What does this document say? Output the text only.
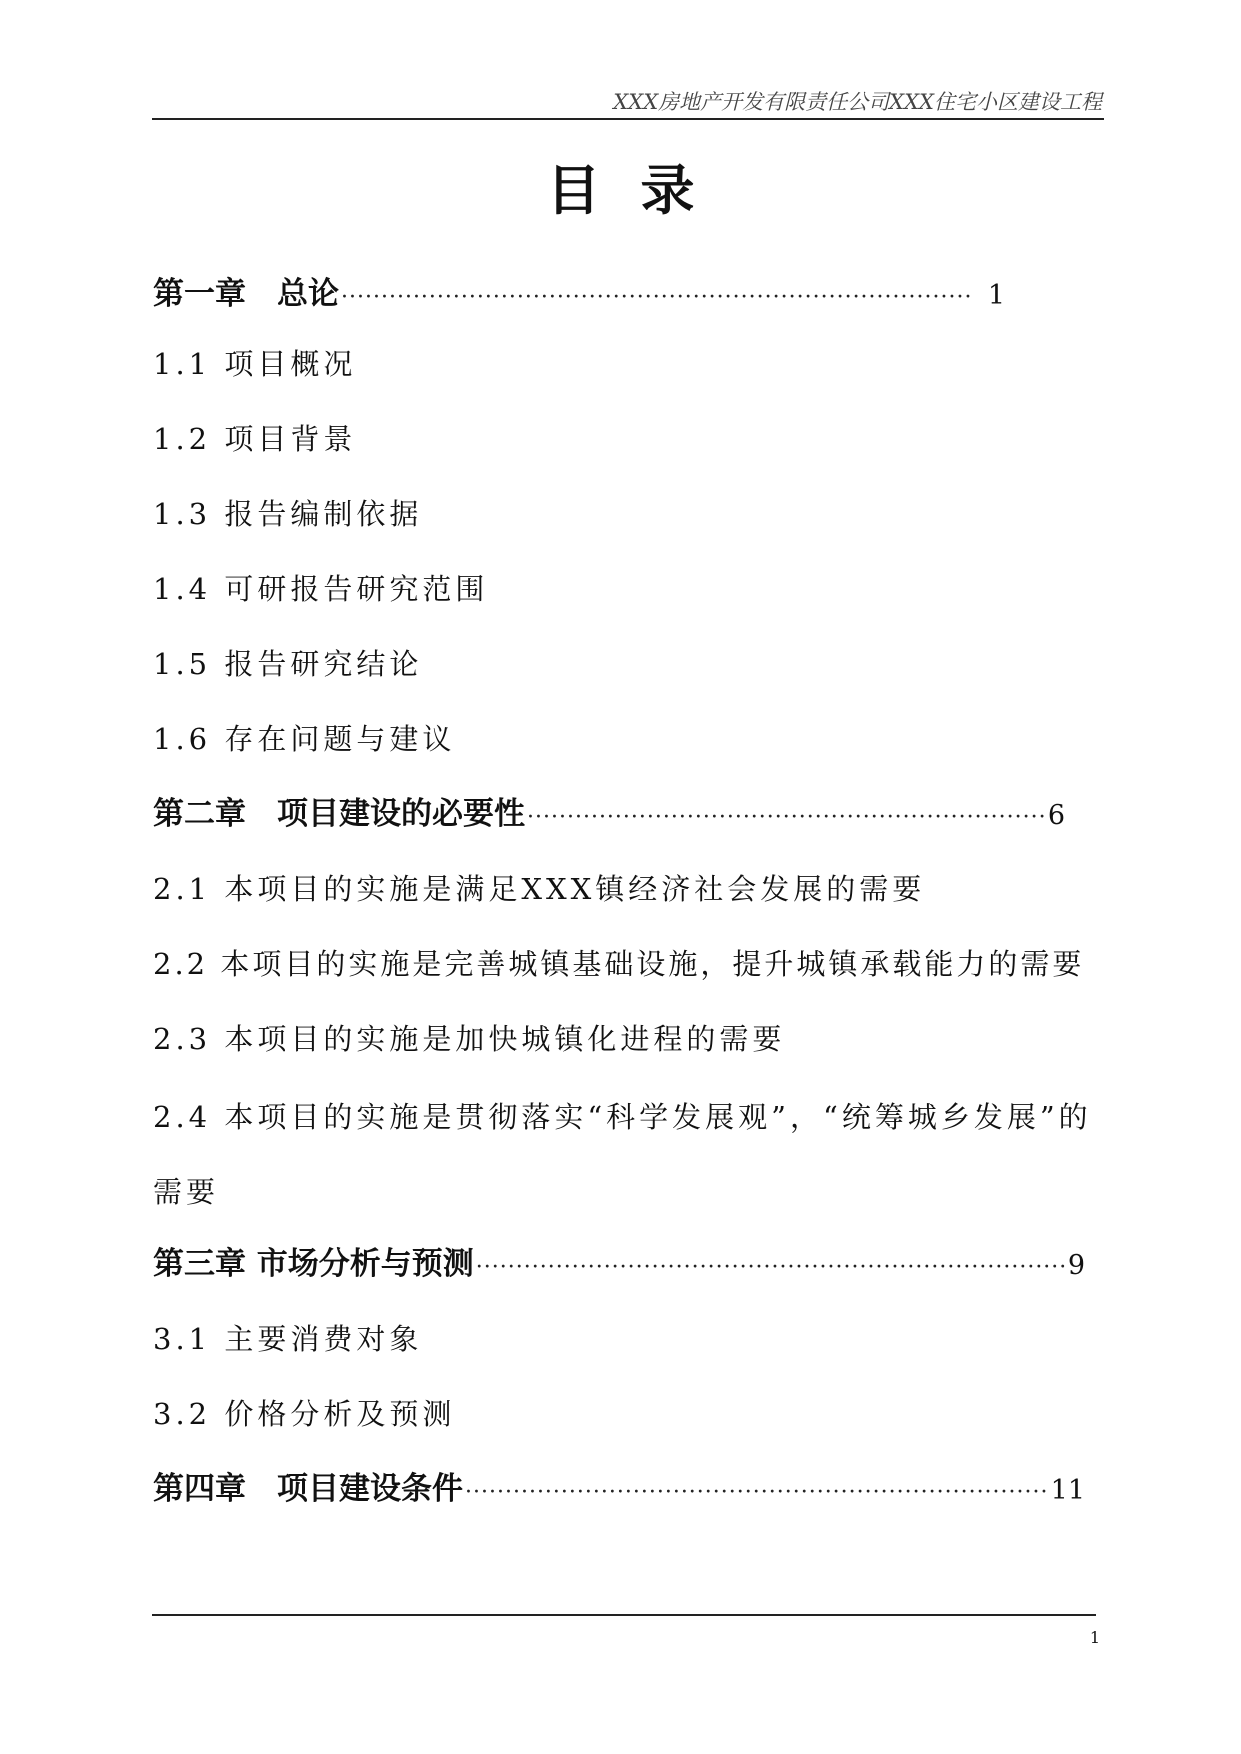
XXX房地产开发有限责任公司XXX住宅小区建设工程
目录
第一章　总论 ·····	1
1.1 项目概况
1.2 项目背景
1.3 报告编制依据
1.4 可研报告研究范围
1.5 报告研究结论
1.6 存在问题与建议
第二章　项目建设的必要性 ·····	6
2.1 本项目的实施是满足XXX镇经济社会发展的需要
2.2 本项目的实施是完善城镇基础设施，提升城镇承载能力的需要
2.3 本项目的实施是加快城镇化进程的需要
2.4 本项目的实施是贯彻落实“科学发展观”，“统筹城乡发展”的需要
第三章 市场分析与预测 ·····	9
3.1 主要消费对象
3.2 价格分析及预测
第四章　项目建设条件 ·····	11
1
